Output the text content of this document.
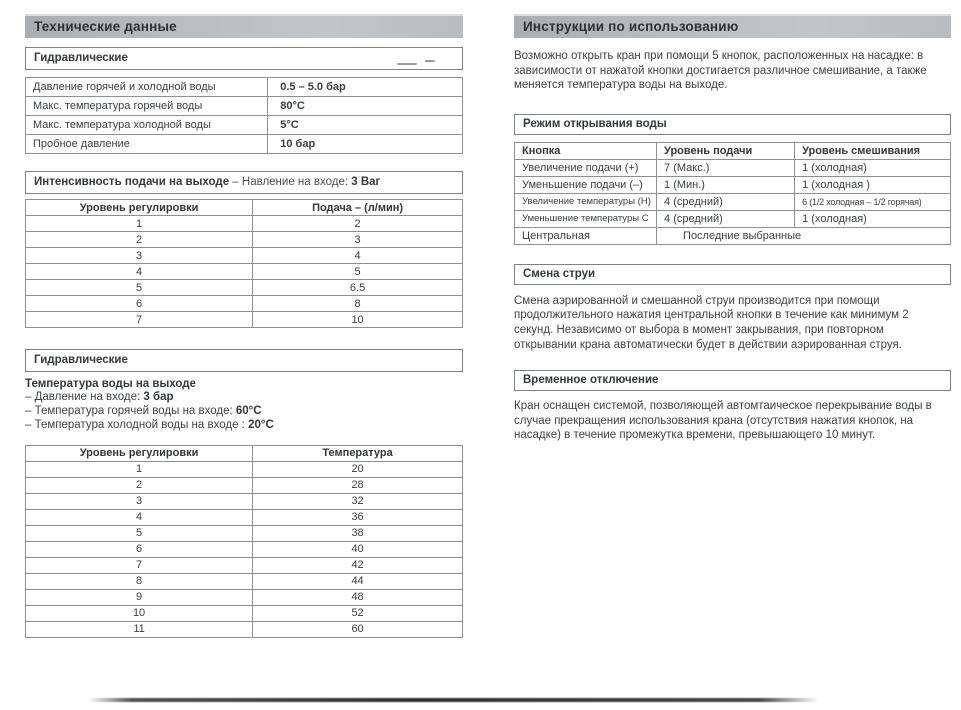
Технические данные
Гидравлические
Давление горячей и холодной воды	0.5 – 5.0 бар
Макс. температура горячей воды	80°C
Макс. температура холодной воды	5°C
Пробное давление	10 бар
Интенсивность подачи на выходе – Навление на входе: 3 Ваг
Уровень регулировки	Подача – (л/мин)
1	2
2	3
3	4
4	5
5	6.5
6	8
7	10
Гидравлические
Температура воды на выходе
– Давление на входе: 3 бар
– Температура горячей воды на входе: 60°C
– Температура холодной воды на входе : 20°C
Уровень регулировки	Температура
1	20
2	28
3	32
4	36
5	38
6	40
7	42
8	44
9	48
10	52
11	60
Инструкции по использованию
Возможно открыть кран при помощи 5 кнопок, расположенных на насадке: в зависимости от нажатой кнопки достигается различное смешивание, а также меняется температура воды на выходе.
Режим открывания воды
Кнопка	Уровень подачи	Уровень смешивания
Увеличение подачи (+)	7 (Макс.)	1 (холодная)
Уменьшение подачи (–)	1 (Мин.)	1 (холодная )
Увеличение температуры (H)	4 (средний)	6 (1/2 холодная – 1/2 горячая)
Уменьшение температуры C	4 (средний)	1 (холодная)
Центральная	Последние выбранные	
Смена струи
Смена аэрированной и смешанной струи производится при помощи продолжительного нажатия центральной кнопки в течение как минимум 2 секунд. Независимо от выбора в момент закрывания, при повторном открывании крана автоматически будет в действии аэрированная струя.
Временное отключение
Кран оснащен системой, позволяющей автомтаическое перекрывание воды в случае прекращения использования крана (отсутствия нажатия кнопок, на насадке) в течение промежутка времени, превышающего 10 минут.
